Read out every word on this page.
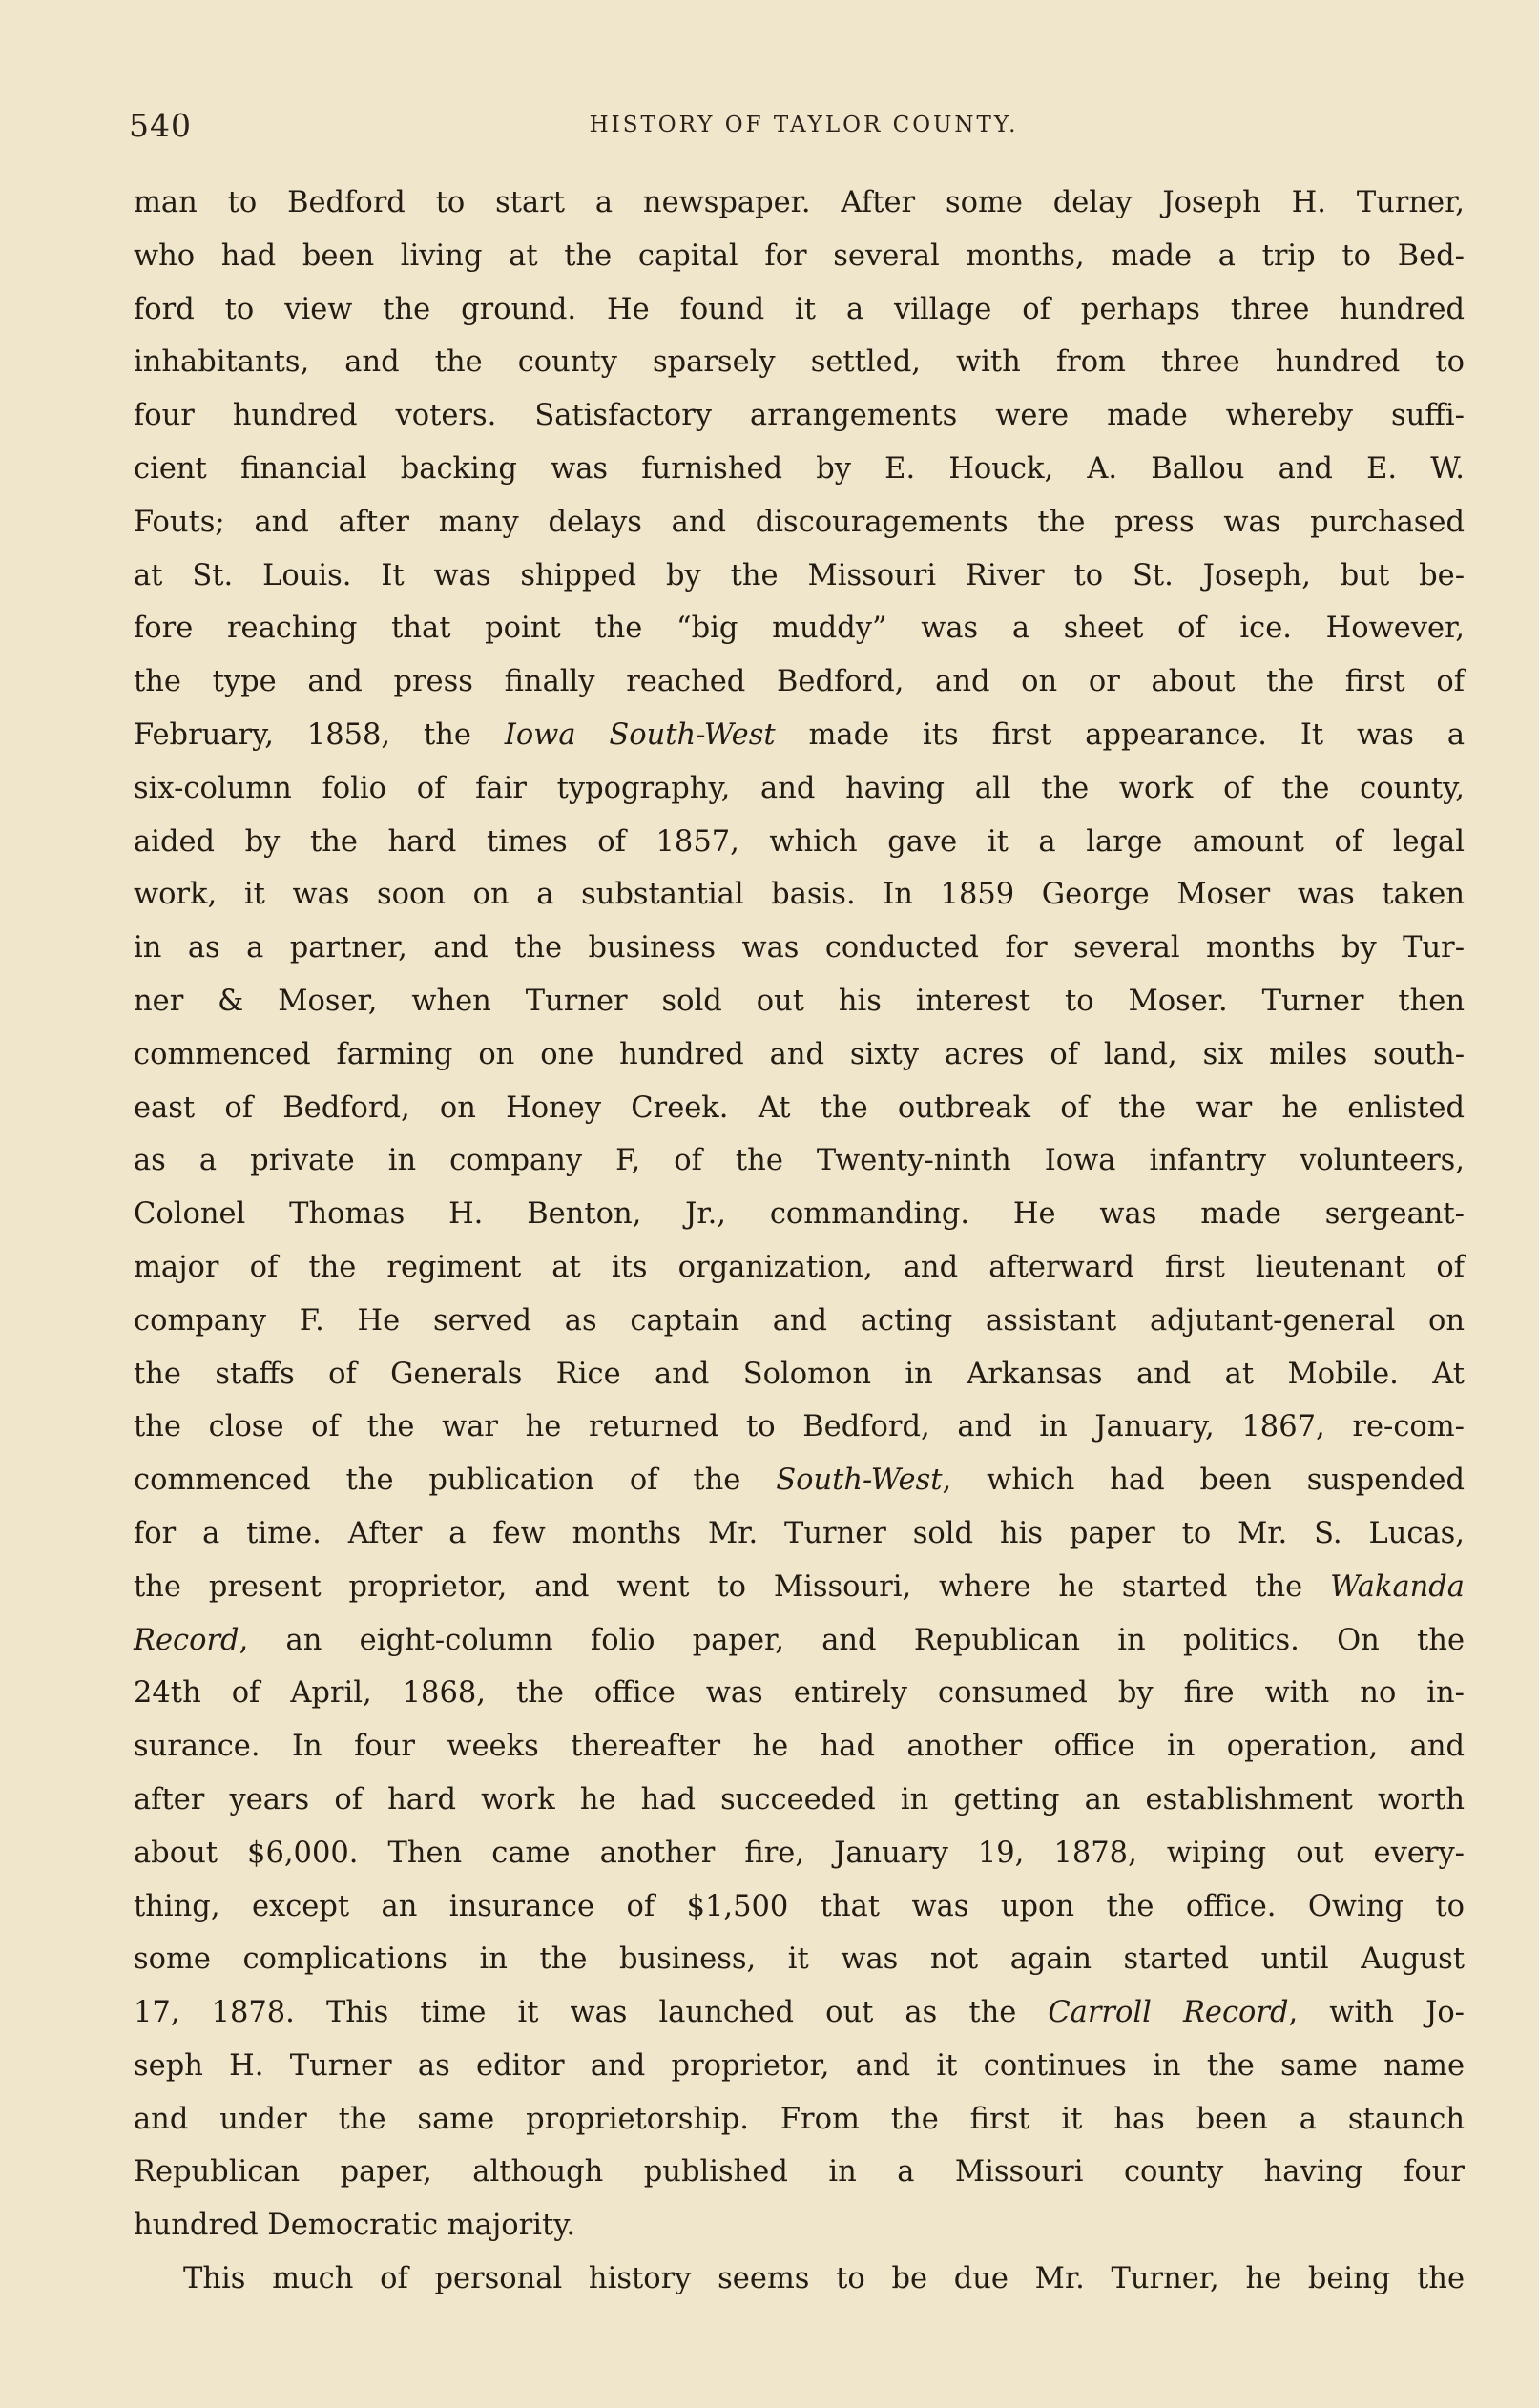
540	HISTORY OF TAYLOR COUNTY.
man to Bedford to start a newspaper. After some delay Joseph H. Turner,
who had been living at the capital for several months, made a trip to Bed-
ford to view the ground. He found it a village of perhaps three hundred
inhabitants, and the county sparsely settled, with from three hundred to
four hundred voters. Satisfactory arrangements were made whereby suffi-
cient financial backing was furnished by E. Houck, A. Ballou and E. W.
Fouts; and after many delays and discouragements the press was purchased
at St. Louis. It was shipped by the Missouri River to St. Joseph, but be-
fore reaching that point the “big muddy” was a sheet of ice. However,
the type and press finally reached Bedford, and on or about the first of
February, 1858, the Iowa South-West made its first appearance. It was a
six-column folio of fair typography, and having all the work of the county,
aided by the hard times of 1857, which gave it a large amount of legal
work, it was soon on a substantial basis. In 1859 George Moser was taken
in as a partner, and the business was conducted for several months by Tur-
ner & Moser, when Turner sold out his interest to Moser. Turner then
commenced farming on one hundred and sixty acres of land, six miles south-
east of Bedford, on Honey Creek. At the outbreak of the war he enlisted
as a private in company F, of the Twenty-ninth Iowa infantry volunteers,
Colonel Thomas H. Benton, Jr., commanding. He was made sergeant-
major of the regiment at its organization, and afterward first lieutenant of
company F. He served as captain and acting assistant adjutant-general on
the staffs of Generals Rice and Solomon in Arkansas and at Mobile. At
the close of the war he returned to Bedford, and in January, 1867, re-com-
commenced the publication of the South-West, which had been suspended
for a time. After a few months Mr. Turner sold his paper to Mr. S. Lucas,
the present proprietor, and went to Missouri, where he started the Wakanda
Record, an eight-column folio paper, and Republican in politics. On the
24th of April, 1868, the office was entirely consumed by fire with no in-
surance. In four weeks thereafter he had another office in operation, and
after years of hard work he had succeeded in getting an establishment worth
about $6,000. Then came another fire, January 19, 1878, wiping out every-
thing, except an insurance of $1,500 that was upon the office. Owing to
some complications in the business, it was not again started until August
17, 1878. This time it was launched out as the Carroll Record, with Jo-
seph H. Turner as editor and proprietor, and it continues in the same name
and under the same proprietorship. From the first it has been a staunch
Republican paper, although published in a Missouri county having four
hundred Democratic majority.
This much of personal history seems to be due Mr. Turner, he being the
